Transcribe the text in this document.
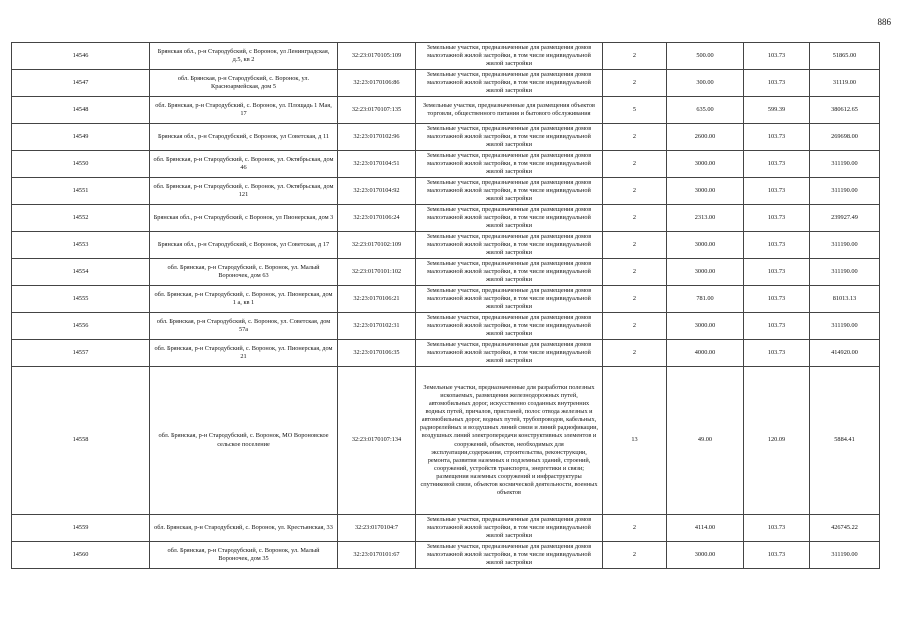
886
14546	Брянская обл., р-н Стародубский, с Воронок, ул Ленинградская, д.5, кв 2	32:23:0170105:109	Земельные участки, предназначенные для размещения домов малоэтажной жилой застройки, в том числе индивидуальной жилой застройки	2	500.00	103.73	51865.00
14547	обл. Брянская, р-н Стародубский, с. Воронок, ул. Красноармейская, дом 5	32:23:0170106:86	Земельные участки, предназначенные для размещения домов малоэтажной жилой застройки, в том числе индивидуальной жилой застройки	2	300.00	103.73	31119.00
14548	обл. Брянская, р-н Стародубский, с. Воронок, ул. Площадь 1 Мая, 17	32:23:0170107:135	Земельные участки, предназначенные для размещения объектов торговли, общественного питания и бытового обслуживания	5	635.00	599.39	380612.65
14549	Брянская обл., р-н Стародубский, с Воронок, ул Советская, д 11	32:23:0170102:96	Земельные участки, предназначенные для размещения домов малоэтажной жилой застройки, в том числе индивидуальной жилой застройки	2	2600.00	103.73	269698.00
14550	обл. Брянская, р-н Стародубский, с. Воронок, ул. Октябрьская, дом 46	32:23:0170104:51	Земельные участки, предназначенные для размещения домов малоэтажной жилой застройки, в том числе индивидуальной жилой застройки	2	3000.00	103.73	311190.00
14551	обл. Брянская, р-н Стародубский, с. Воронок, ул. Октябрьская, дом 121	32:23:0170104:92	Земельные участки, предназначенные для размещения домов малоэтажной жилой застройки, в том числе индивидуальной жилой застройки	2	3000.00	103.73	311190.00
14552	Брянская обл., р-н Стародубский, с Воронок, ул Пионерская, дом 3	32:23:0170106:24	Земельные участки, предназначенные для размещения домов малоэтажной жилой застройки, в том числе индивидуальной жилой застройки	2	2313.00	103.73	239927.49
14553	Брянская обл., р-н Стародубский, с Воронок, ул Советская, д 17	32:23:0170102:109	Земельные участки, предназначенные для размещения домов малоэтажной жилой застройки, в том числе индивидуальной жилой застройки	2	3000.00	103.73	311190.00
14554	обл. Брянская, р-н Стародубский, с. Воронок, ул. Малый Вороночек, дом 63	32:23:0170101:102	Земельные участки, предназначенные для размещения домов малоэтажной жилой застройки, в том числе индивидуальной жилой застройки	2	3000.00	103.73	311190.00
14555	обл. Брянская, р-н Стародубский, с. Воронок, ул. Пионерская, дом 1 а, кв 1	32:23:0170106:21	Земельные участки, предназначенные для размещения домов малоэтажной жилой застройки, в том числе индивидуальной жилой застройки	2	781.00	103.73	81013.13
14556	обл. Брянская, р-н Стародубский, с. Воронок, ул. Советская, дом 57а	32:23:0170102:31	Земельные участки, предназначенные для размещения домов малоэтажной жилой застройки, в том числе индивидуальной жилой застройки	2	3000.00	103.73	311190.00
14557	обл. Брянская, р-н Стародубский, с. Воронок, ул. Пионерская, дом 21	32:23:0170106:35	Земельные участки, предназначенные для размещения домов малоэтажной жилой застройки, в том числе индивидуальной жилой застройки	2	4000.00	103.73	414920.00
14558	обл. Брянская, р-н Стародубский, с. Воронок, МО Вороновское сельское поселение	32:23:0170107:134	Земельные участки, предназначенные для разработки полезных ископаемых, размещения железнодорожных путей, автомобильных дорог, искусственно созданных внутренних водных путей, причалов, пристаней, полос отвода железных и автомобильных дорог, водных путей, трубопроводов, кабельных, радиорелейных и воздушных линий связи и линий радиофикации, воздушных линий электропередачи конструктивных элементов и сооружений, объектов, необходимых для эксплуатации,содержания, строительства, реконструкции, ремонта, развития наземных и подземных зданий, строений, сооружений, устройств транспорта, энергетики и связи; размещения наземных сооружений и инфраструктуры спутниковой связи, объектов космической деятельности, военных объектов	13	49.00	120.09	5884.41
14559	обл. Брянская, р-н Стародубский, с. Воронок, ул. Крестьянская, 33	32:23:0170104:7	Земельные участки, предназначенные для размещения домов малоэтажной жилой застройки, в том числе индивидуальной жилой застройки	2	4114.00	103.73	426745.22
14560	обл. Брянская, р-н Стародубский, с. Воронок, ул. Малый Вороночек, дом 35	32:23:0170101:67	Земельные участки, предназначенные для размещения домов малоэтажной жилой застройки, в том числе индивидуальной жилой застройки	2	3000.00	103.73	311190.00
